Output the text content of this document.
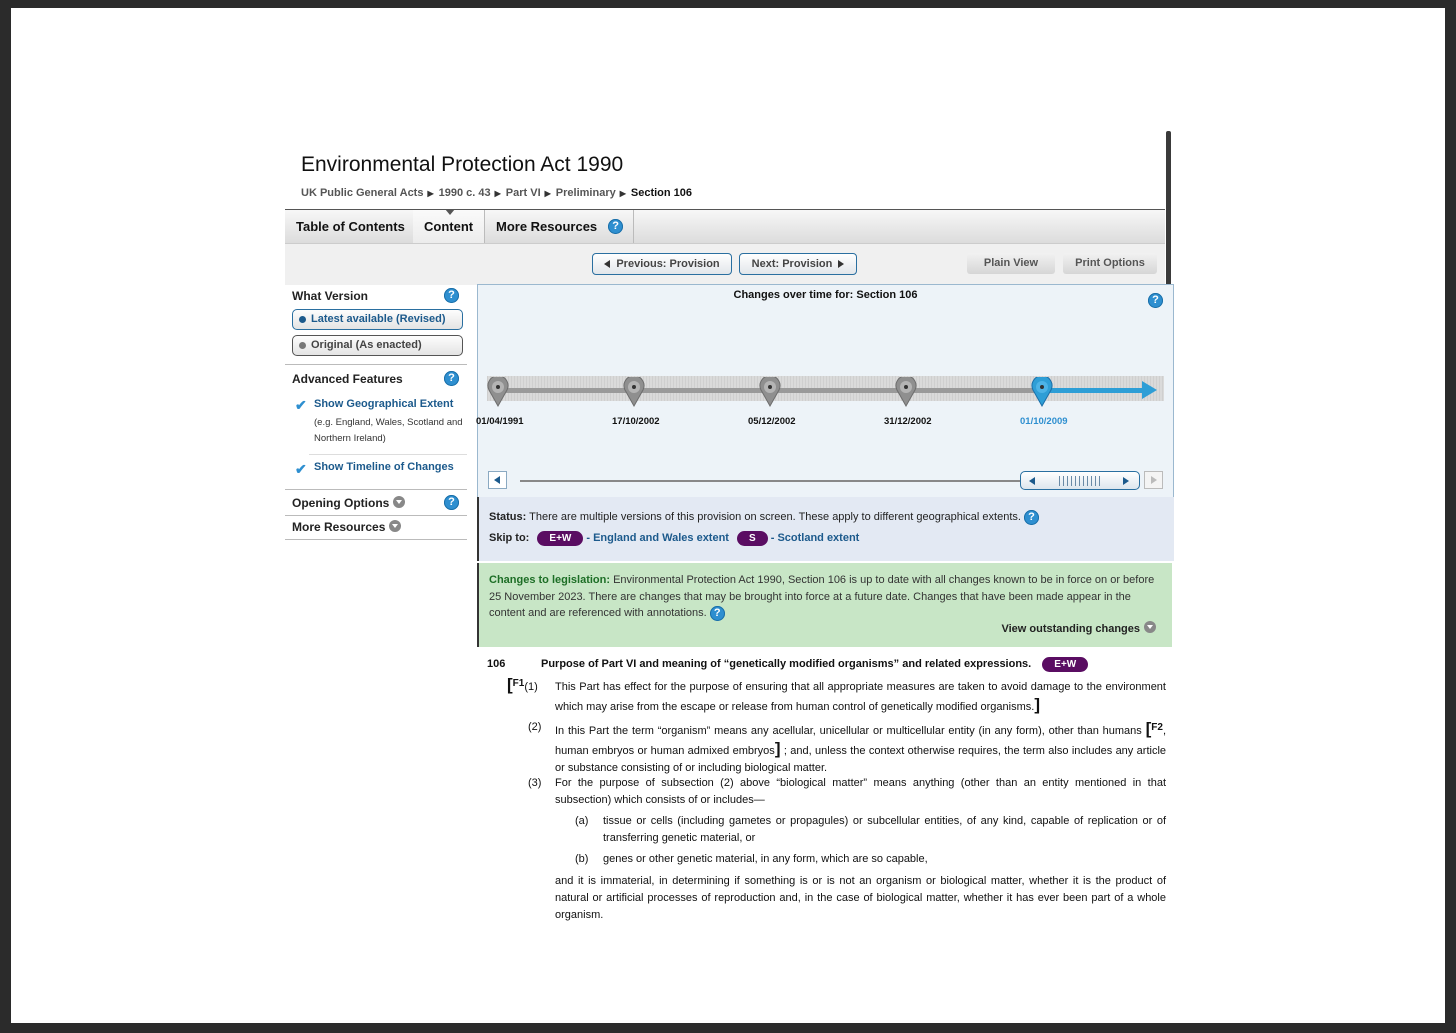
Environmental Protection Act 1990
UK Public General Acts ▶ 1990 c. 43 ▶ Part VI ▶ Preliminary ▶ Section 106
Table of Contents	Content	More Resources	?
Previous: Provision	Next: Provision	Plain View	Print Options
What Version	?
Latest available (Revised)
Original (As enacted)
Advanced Features	?
✔ Show Geographical Extent
(e.g. England, Wales, Scotland and Northern Ireland)
✔ Show Timeline of Changes
Opening Options	?
More Resources
Changes over time for: Section 106	?
01/04/1991	17/10/2002	05/12/2002	31/12/2002	01/10/2009
Status: There are multiple versions of this provision on screen. These apply to different geographical extents. ?
Skip to: E+W - England and Wales extent S - Scotland extent
Changes to legislation: Environmental Protection Act 1990, Section 106 is up to date with all changes known to be in force on or before 25 November 2023. There are changes that may be brought into force at a future date. Changes that have been made appear in the content and are referenced with annotations. ?
View outstanding changes
106	Purpose of Part VI and meaning of “genetically modified organisms” and related expressions. E+W
[F1(1) This Part has effect for the purpose of ensuring that all appropriate measures are taken to avoid damage to the environment which may arise from the escape or release from human control of genetically modified organisms.]
(2) In this Part the term “organism” means any acellular, unicellular or multicellular entity (in any form), other than humans [F2, human embryos or human admixed embryos] ; and, unless the context otherwise requires, the term also includes any article or substance consisting of or including biological matter.
(3) For the purpose of subsection (2) above “biological matter” means anything (other than an entity mentioned in that subsection) which consists of or includes—
(a) tissue or cells (including gametes or propagules) or subcellular entities, of any kind, capable of replication or of transferring genetic material, or
(b) genes or other genetic material, in any form, which are so capable,
and it is immaterial, in determining if something is or is not an organism or biological matter, whether it is the product of natural or artificial processes of reproduction and, in the case of biological matter, whether it has ever been part of a whole organism.
